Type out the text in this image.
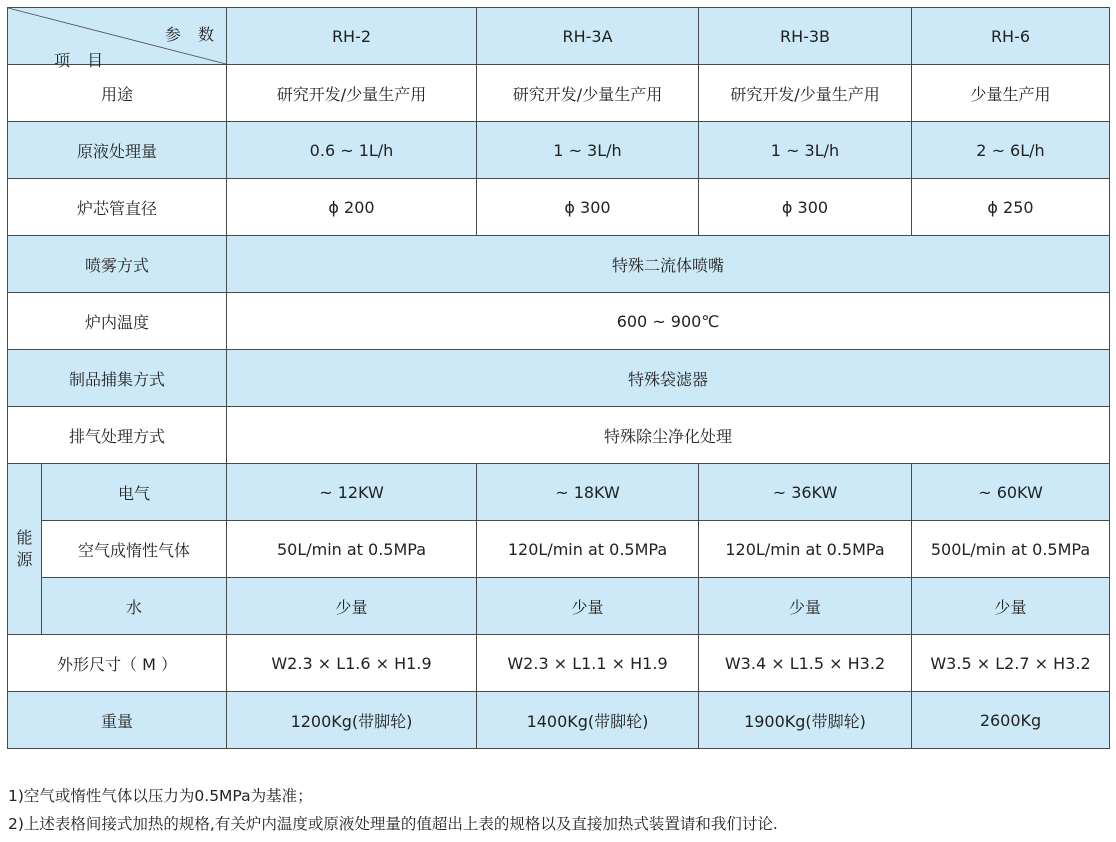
参 数
项 目		RH-2	RH-3A	RH-3B	RH-6
用途		研究开发/少量生产用	研究开发/少量生产用	研究开发/少量生产用	少量生产用
原液处理量		0.6 ~ 1L/h	1 ~ 3L/h	1 ~ 3L/h	2 ~ 6L/h
炉芯管直径		ϕ 200	ϕ 300	ϕ 300	ϕ 250
喷雾方式		特殊二流体喷嘴			
炉内温度		600 ~ 900℃			
制品捕集方式		特殊袋滤器			
排气处理方式		特殊除尘净化处理			

能
源	电气	~ 12KW	~ 18KW	~ 36KW	~ 60KW
	空气成惰性气体	50L/min at 0.5MPa	120L/min at 0.5MPa	120L/min at 0.5MPa	500L/min at 0.5MPa
	水	少量	少量	少量	少量
外形尺寸（ M ）		W2.3 × L1.6 × H1.9	W2.3 × L1.1 × H1.9	W3.4 × L1.5 × H3.2	W3.5 × L2.7 × H3.2
重量		1200Kg(带脚轮)	1400Kg(带脚轮)	1900Kg(带脚轮)	2600Kg
1)空气或惰性气体以压力为0.5MPa为基准；
2)上述表格间接式加热的规格,有关炉内温度或原液处理量的值超出上表的规格以及直接加热式装置请和我们讨论.
